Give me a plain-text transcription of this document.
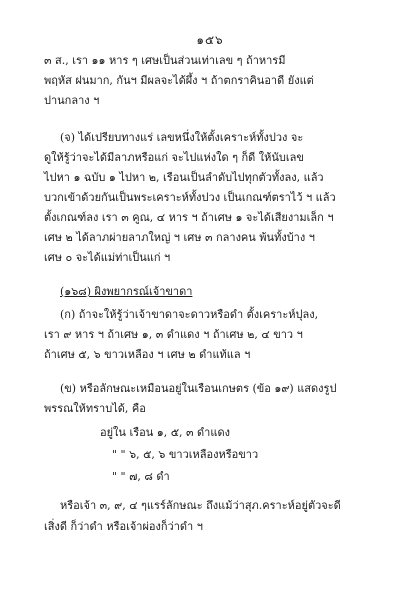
๑๕๖
๓ ส., เรา ๑๑ หาร ๆ เศษเป็นส่วนเท่าเลข ๆ ถ้าหารมี
พฤหัส ฝนมาก, กันฯ มีผลจะได้ผึ้ง ฯ ถ้าตกราคินอาดี ยังแต่
ปานกลาง ฯ
(จ) ได้เปรียบทางแร่ เลขหนึ่งให้ตั้งเคราะห์ทั้งปวง จะ
ดูให้รู้ว่าจะได้มีลาภหรือแก่ จะไปแห่งใด ๆ ก็ดี ให้นับเลข
ไปหา ๑ ฉบับ ๑ ไปหา ๒, เรือนเป็นลำดับไปทุกตัวทั้งลง, แล้ว
บวกเข้าด้วยกันเป็นพระเคราะห์ทั้งปวง เป็นเกณฑ์ตราไว้ ฯ แล้ว
ตั้งเกณฑ์ลง เรา ๓ คูณ, ๔ หาร ฯ ถ้าเศษ ๑ จะได้เสียงามเล็ก ฯ
เศษ ๒ ได้ลาภผ่ายลาภใหญ่ ฯ เศษ ๓ กลางคน พ้นทั้งบ้าง ฯ
เศษ ๐ จะได้แม่ท่าเป็นแก่ ฯ
(๑๖๘) ผิงพยากรณ์เจ้าขาดา
(ก) ถ้าจะให้รู้ว่าเจ้าขาดาจะดาวหรือดำ ตั้งเคราะห์ปุลง,
เรา ๙ หาร ฯ ถ้าเศษ ๑, ๓ ดำแดง ฯ ถ้าเศษ ๒, ๔ ขาว ฯ
ถ้าเศษ ๕, ๖ ขาวเหลือง ฯ เศษ ๒ ดำแท้แล ฯ
(ข) หรือลักษณะเหมือนอยู่ในเรือนเกษตร (ข้อ ๑๙) แสดงรูป
พรรณให้ทราบได้, คือ
อยู่ใน เรือน ๑, ๕, ๓ ดำแดง
" " ๖, ๕, ๖ ขาวเหลืองหรือขาว
" " ๗, ๘ ดำ
หรือเจ้า ๓, ๙, ๔ ๆแรร์ลักษณะ ถึงแม้ว่าสุภ.คราะห์อยู่ตัวจะดี
เสิ่งดี ก็ว่าดำ หรือเจ้าผ่องก็ว่าดำ ฯ
